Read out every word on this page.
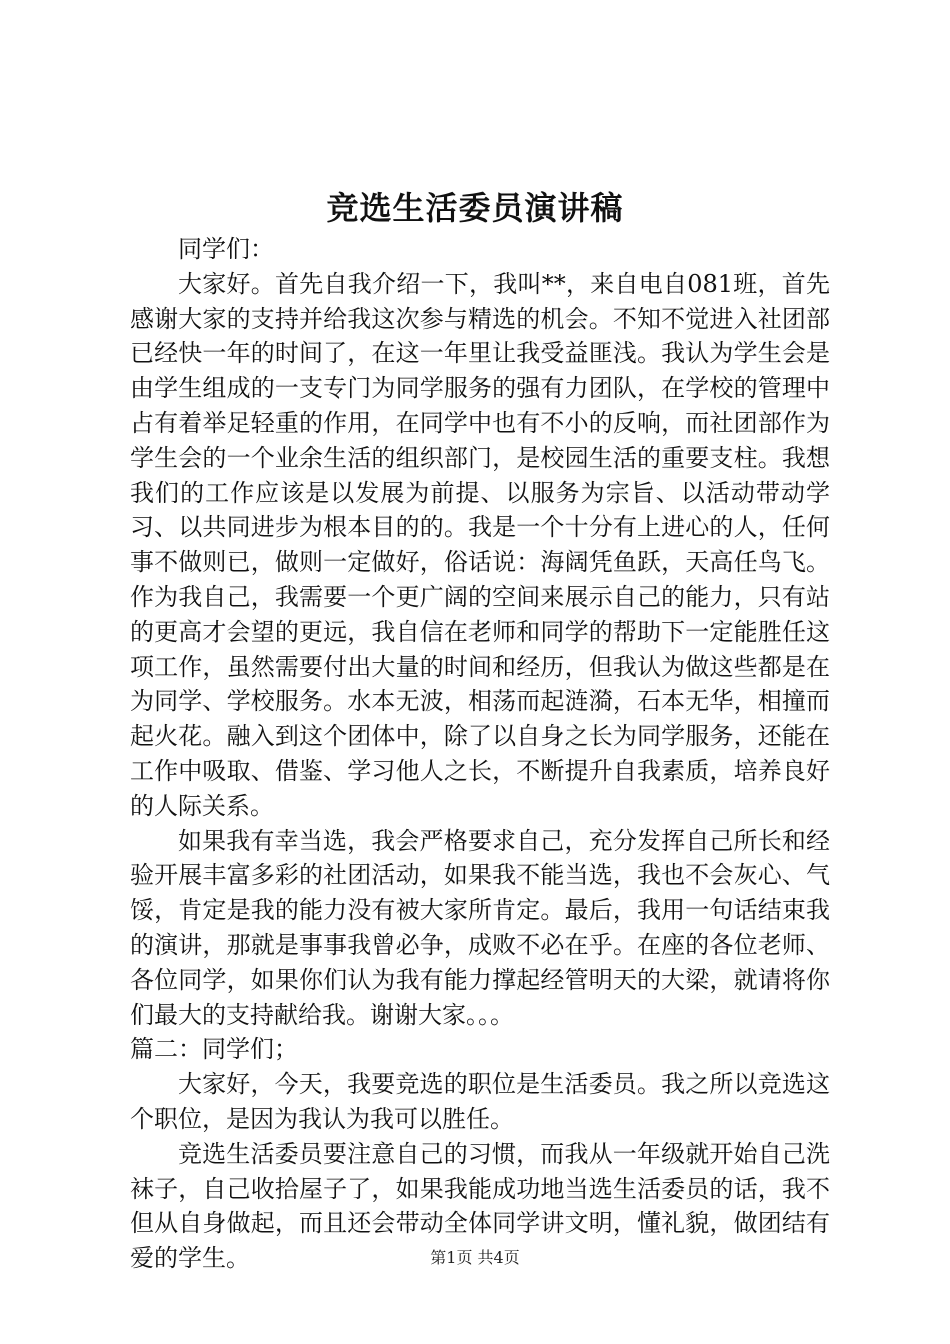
竞选生活委员演讲稿

同学们：

大家好。首先自我介绍一下，我叫**，来自电自081班，首先感谢大家的支持并给我这次参与精选的机会。不知不觉进入社团部已经快一年的时间了，在这一年里让我受益匪浅。我认为学生会是由学生组成的一支专门为同学服务的强有力团队，在学校的管理中占有着举足轻重的作用，在同学中也有不小的反响，而社团部作为学生会的一个业余生活的组织部门，是校园生活的重要支柱。我想我们的工作应该是以发展为前提、以服务为宗旨、以活动带动学习、以共同进步为根本目的的。我是一个十分有上进心的人，任何事不做则已，做则一定做好，俗话说：海阔凭鱼跃，天高任鸟飞。作为我自己，我需要一个更广阔的空间来展示自己的能力，只有站的更高才会望的更远，我自信在老师和同学的帮助下一定能胜任这项工作，虽然需要付出大量的时间和经历，但我认为做这些都是在为同学、学校服务。水本无波，相荡而起涟漪，石本无华，相撞而起火花。融入到这个团体中，除了以自身之长为同学服务，还能在工作中吸取、借鉴、学习他人之长，不断提升自我素质，培养良好的人际关系。

如果我有幸当选，我会严格要求自己，充分发挥自己所长和经验开展丰富多彩的社团活动，如果我不能当选，我也不会灰心、气馁，肯定是我的能力没有被大家所肯定。最后，我用一句话结束我的演讲，那就是事事我曾必争，成败不必在乎。在座的各位老师、各位同学，如果你们认为我有能力撑起经管明天的大梁，就请将你们最大的支持献给我。谢谢大家。。。

篇二：同学们；

大家好，今天，我要竞选的职位是生活委员。我之所以竞选这个职位，是因为我认为我可以胜任。

竞选生活委员要注意自己的习惯，而我从一年级就开始自己洗袜子，自己收拾屋子了，如果我能成功地当选生活委员的话，我不但从自身做起，而且还会带动全体同学讲文明，懂礼貌，做团结有爱的学生。	第1页 共4页
